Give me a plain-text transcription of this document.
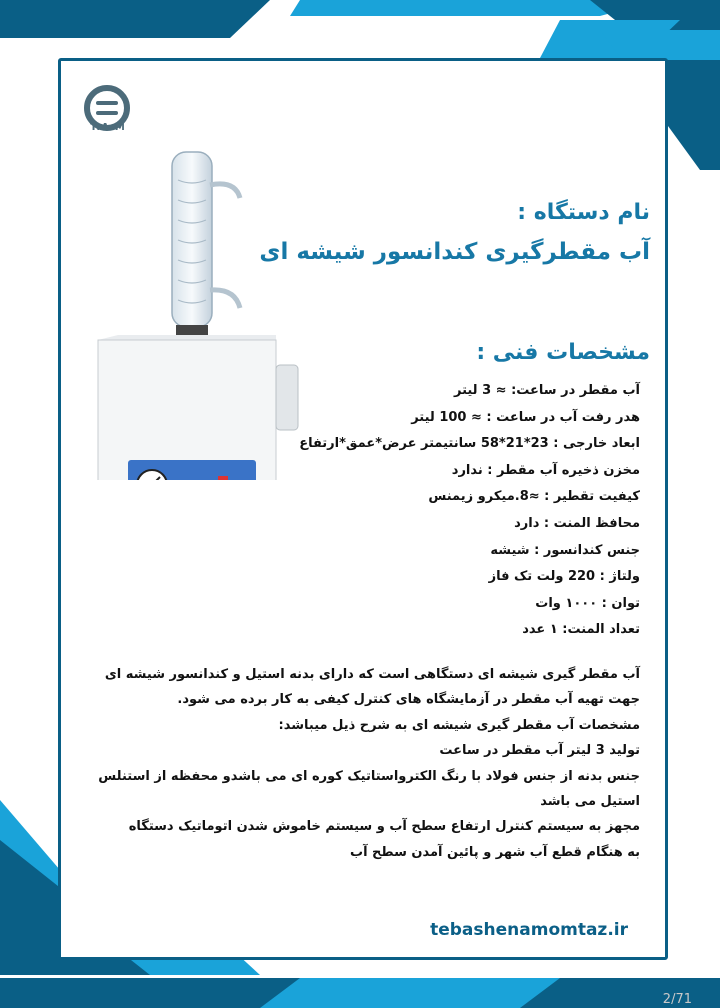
T.A.M

نام دستگاه :

آب مقطرگیری کندانسور شیشه ای

مشخصات فنی :
آب مقطر در ساعت: ≈ 3 لیتر
هدر رفت آب در ساعت : ≈ 100 لیتر
ابعاد خارجی : 23*21*58 سانتیمتر عرض*عمق*ارتفاع
مخزن ذخیره آب مقطر : ندارد
کیفیت تقطیر : ≈8.میکرو زیمنس
محافظ المنت : دارد
جنس کندانسور : شیشه
ولتاژ : 220 ولت تک فاز
توان : ۱۰۰۰ وات
تعداد المنت: ۱ عدد

آب مقطر گیری شیشه ای دستگاهی است که دارای بدنه استیل و کندانسور شیشه ای

جهت تهیه آب مقطر در آزمایشگاه های کنترل کیفی به کار برده می شود.

مشخصات آب مقطر گیری شیشه ای به شرح ذیل میباشد:

تولید 3 لیتر آب مقطر در ساعت

جنس بدنه از جنس فولاد با رنگ الکترواستاتیک کوره ای می باشدو محفظه از استنلس

استیل می باشد

مجهز به سیستم کنترل ارتفاع سطح آب و سیستم خاموش شدن اتوماتیک دستگاه

به هنگام قطع آب شهر و پائین آمدن سطح آب

tebashenamomtaz.ir
2/71
